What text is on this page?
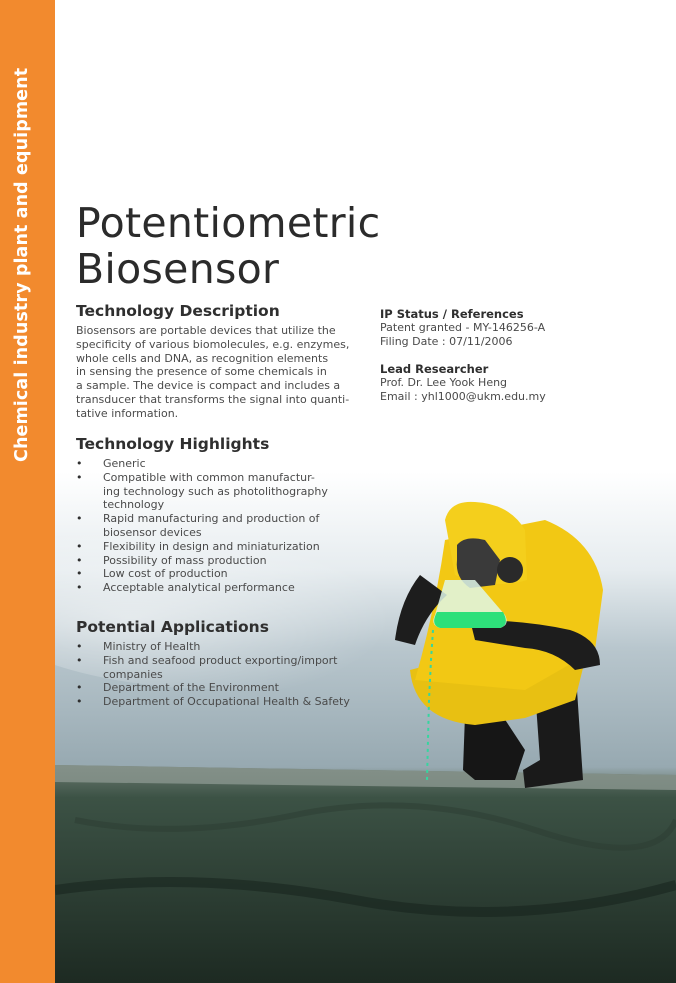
Chemical industry plant and equipment Potentiometric
Biosensor
Technology Description

Biosensors are portable devices that utilize the
specificity of various biomolecules, e.g. enzymes,
whole cells and DNA, as recognition elements
in sensing the presence of some chemicals in
a sample. The device is compact and includes a
transducer that transforms the signal into quanti-
tative information.

Technology Highlights
• Generic
• Compatible with common manufactur-
ing technology such as photolithography
technology
• Rapid manufacturing and production of
biosensor devices
• Flexibility in design and miniaturization
• Possibility of mass production
• Low cost of production
• Acceptable analytical performance
Potential Applications
• Ministry of Health
• Fish and seafood product exporting/import
companies
• Department of the Environment
• Department of Occupational Health & Safety

IP Status / References

Patent granted - MY-146256-A

Filing Date : 07/11/2006

Lead Researcher

Prof. Dr. Lee Yook Heng

Email : yhl1000@ukm.edu.my
